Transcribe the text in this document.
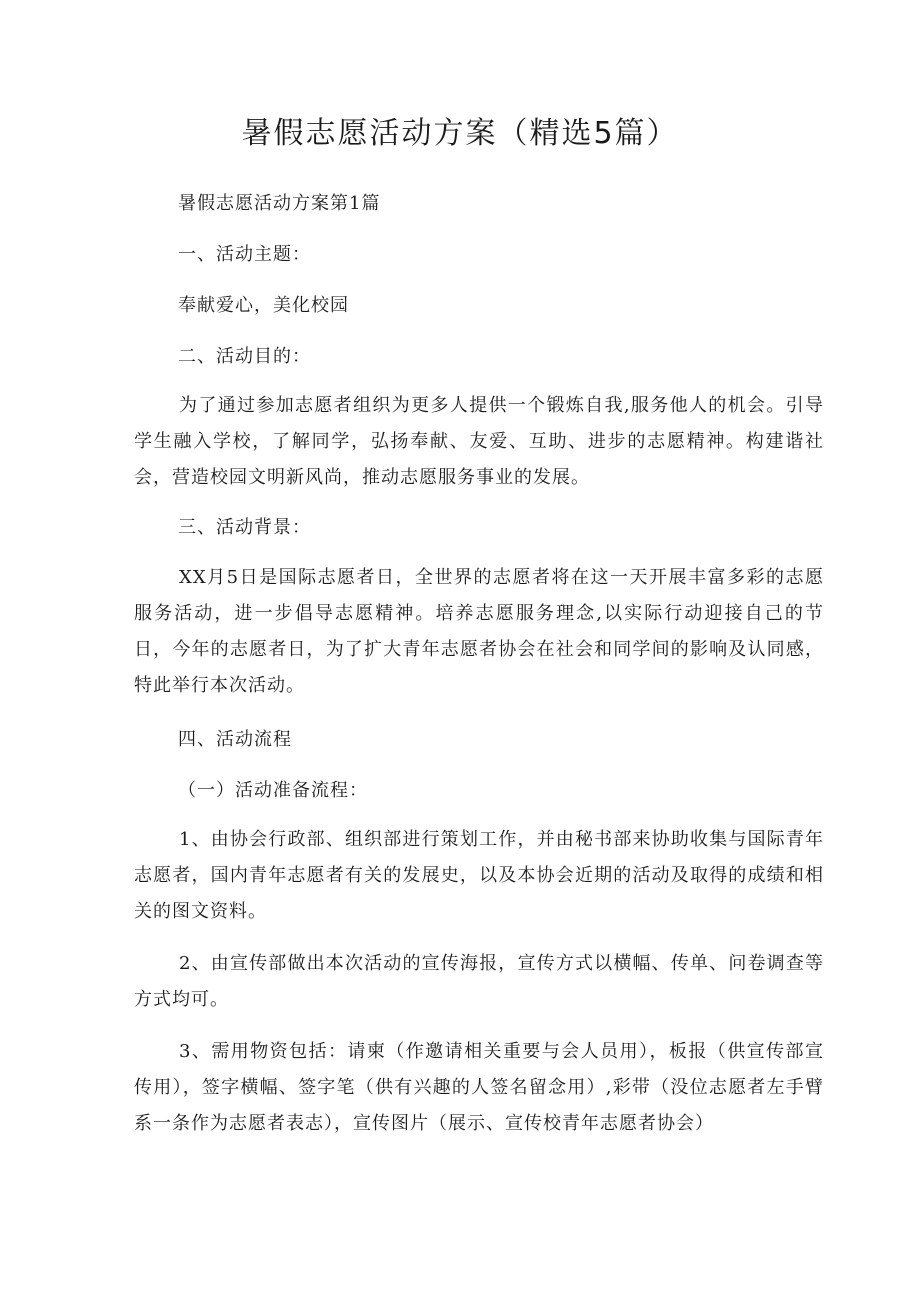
暑假志愿活动方案（精选5篇）
暑假志愿活动方案第1篇
一、活动主题：
奉献爱心，美化校园
二、活动目的：
为了通过参加志愿者组织为更多人提供一个锻炼自我,服务他人的机会。引导学生融入学校，了解同学，弘扬奉献、友爱、互助、进步的志愿精神。构建谐社会，营造校园文明新风尚，推动志愿服务事业的发展。
三、活动背景：
XX月5日是国际志愿者日，全世界的志愿者将在这一天开展丰富多彩的志愿服务活动，进一步倡导志愿精神。培养志愿服务理念,以实际行动迎接自己的节日，今年的志愿者日，为了扩大青年志愿者协会在社会和同学间的影响及认同感，特此举行本次活动。
四、活动流程
（一）活动准备流程：
1、由协会行政部、组织部进行策划工作，并由秘书部来协助收集与国际青年志愿者，国内青年志愿者有关的发展史，以及本协会近期的活动及取得的成绩和相关的图文资料。
2、由宣传部做出本次活动的宣传海报，宣传方式以横幅、传单、问卷调查等方式均可。
3、需用物资包括：请柬（作邀请相关重要与会人员用），板报（供宣传部宣传用），签字横幅、签字笔（供有兴趣的人签名留念用）,彩带（没位志愿者左手臂系一条作为志愿者表志），宣传图片（展示、宣传校青年志愿者协会）
